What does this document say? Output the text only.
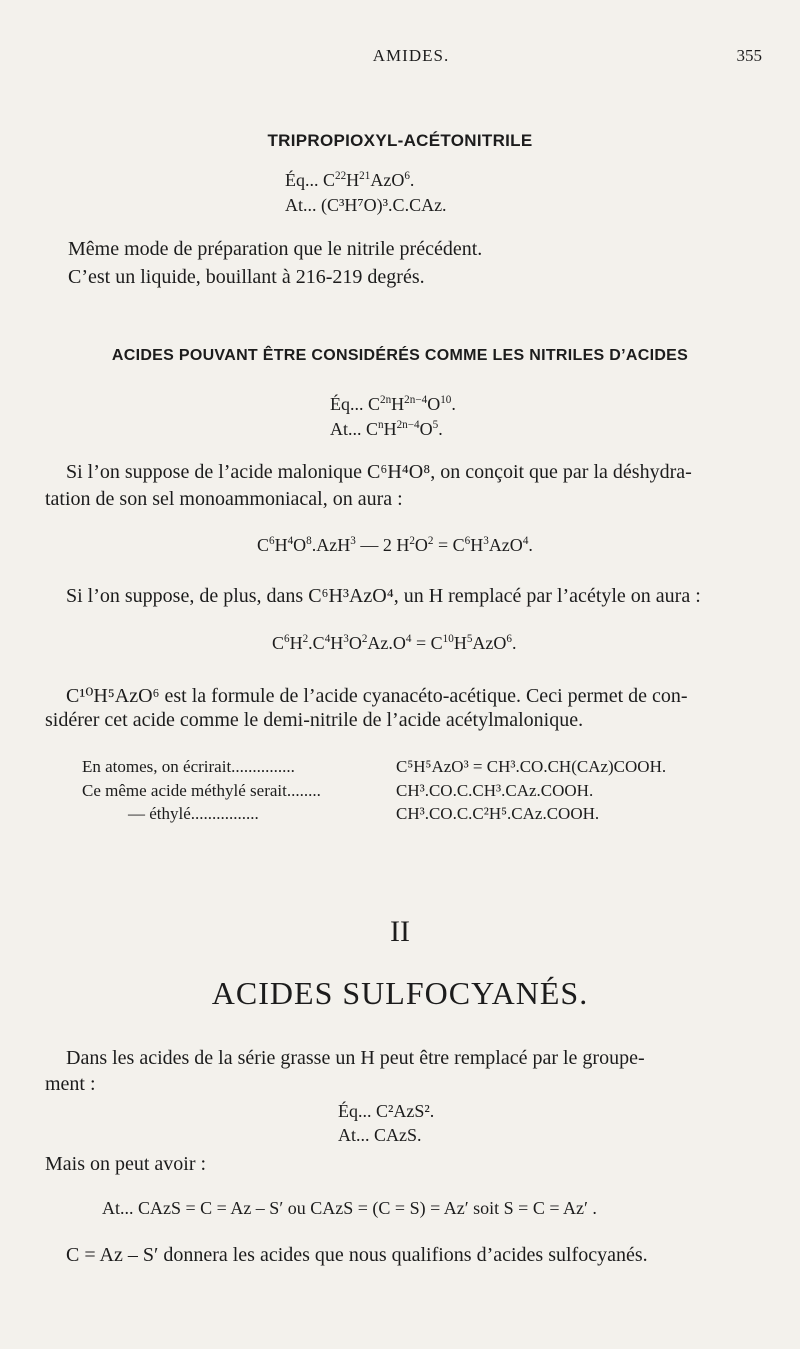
AMIDES.	355
TRIPROPIOXYL-ACÉTONITRILE
Éq... $C^{22}H^{21}AzO^6$.
At... (C³H⁷O)³.C.CAz.
Même mode de préparation que le nitrile précédent.
C’est un liquide, bouillant à 216-219 degrés.
ACIDES POUVANT ÊTRE CONSIDÉRÉS COMME LES NITRILES D’ACIDES
Éq... $C^{2n}H^{2n-4}O^{10}$.
At... $C^nH^{2n-4}O^5$.
Si l’on suppose de l’acide malonique C⁶H⁴O⁸, on conçoit que par la déshydra-
tation de son sel monoammoniacal, on aura :
$C^6H^4O^8.AzH^3$ — 2 $H^2O^2 = C^6H^3AzO^4$.
Si l’on suppose, de plus, dans C⁶H³AzO⁴, un H remplacé par l’acétyle on aura :
$C^6H^2.C^4H^3O^2Az.O^4 = C^{10}H^5AzO^6$.
C¹⁰H⁵AzO⁶ est la formule de l’acide cyanacéto-acétique. Ceci permet de con-
sidérer cet acide comme le demi-nitrile de l’acide acétylmalonique.
En atomes, on écrirait...............	C⁵H⁵AzO³ = CH³.CO.CH(CAz)COOH.
Ce même acide méthylé serait........	CH³.CO.C.CH³.CAz.COOH.
— éthylé................	CH³.CO.C.C²H⁵.CAz.COOH.
II
ACIDES SULFOCYANÉS.
Dans les acides de la série grasse un H peut être remplacé par le groupe-
ment :
Éq... C²AzS².
At... CAzS.
Mais on peut avoir :
At... CAzS = C = Az – S′ ou CAzS = (C = S) = Az′ soit S = C = Az′ .
C = Az – S′ donnera les acides que nous qualifions d’acides sulfocyanés.
